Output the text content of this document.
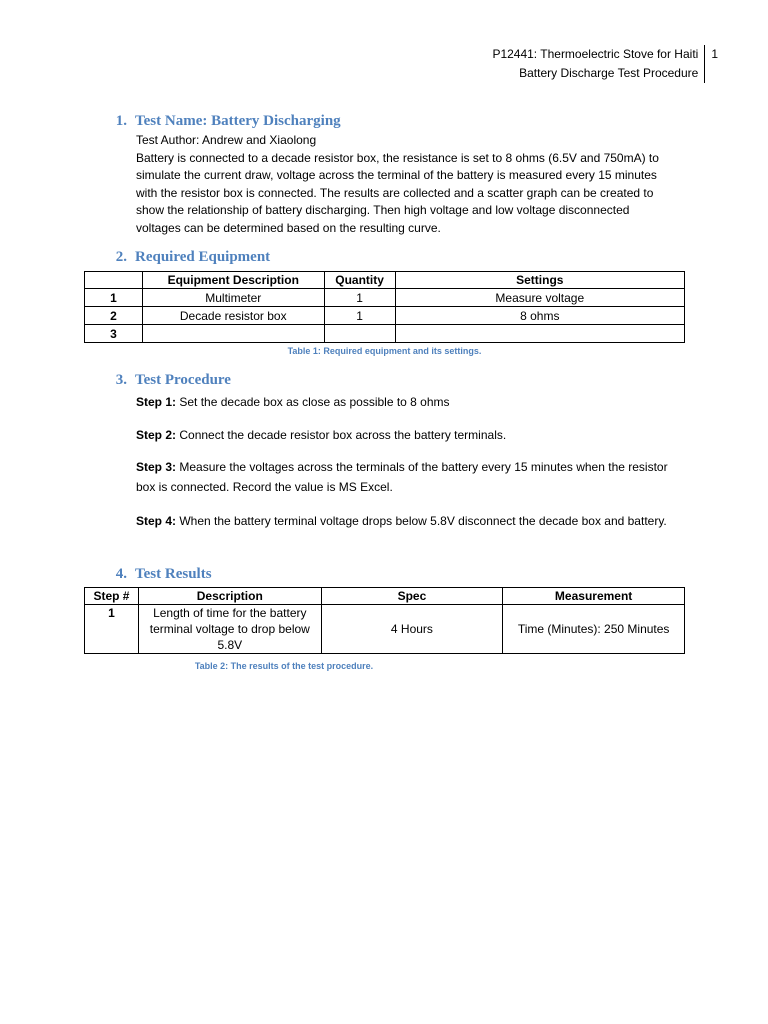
P12441: Thermoelectric Stove for Haiti
Battery Discharge Test Procedure
1
1. Test Name: Battery Discharging
Test Author: Andrew and Xiaolong
Battery is connected to a decade resistor box, the resistance is set to 8 ohms (6.5V and 750mA) to simulate the current draw, voltage across the terminal of the battery is measured every 15 minutes with the resistor box is connected. The results are collected and a scatter graph can be created to show the relationship of battery discharging. Then high voltage and low voltage disconnected voltages can be determined based on the resulting curve.
2. Required Equipment
	Equipment Description	Quantity	Settings
1	Multimeter	1	Measure voltage
2	Decade resistor box	1	8 ohms
3			
Table 1: Required equipment and its settings.
3. Test Procedure
Step 1: Set the decade box as close as possible to 8 ohms
Step 2: Connect the decade resistor box across the battery terminals.
Step 3: Measure the voltages across the terminals of the battery every 15 minutes when the resistor box is connected. Record the value is MS Excel.
Step 4: When the battery terminal voltage drops below 5.8V disconnect the decade box and battery.
4. Test Results
Step #	Description	Spec	Measurement
1	Length of time for the battery terminal voltage to drop below 5.8V	4 Hours	Time (Minutes): 250 Minutes
Table 2: The results of the test procedure.
